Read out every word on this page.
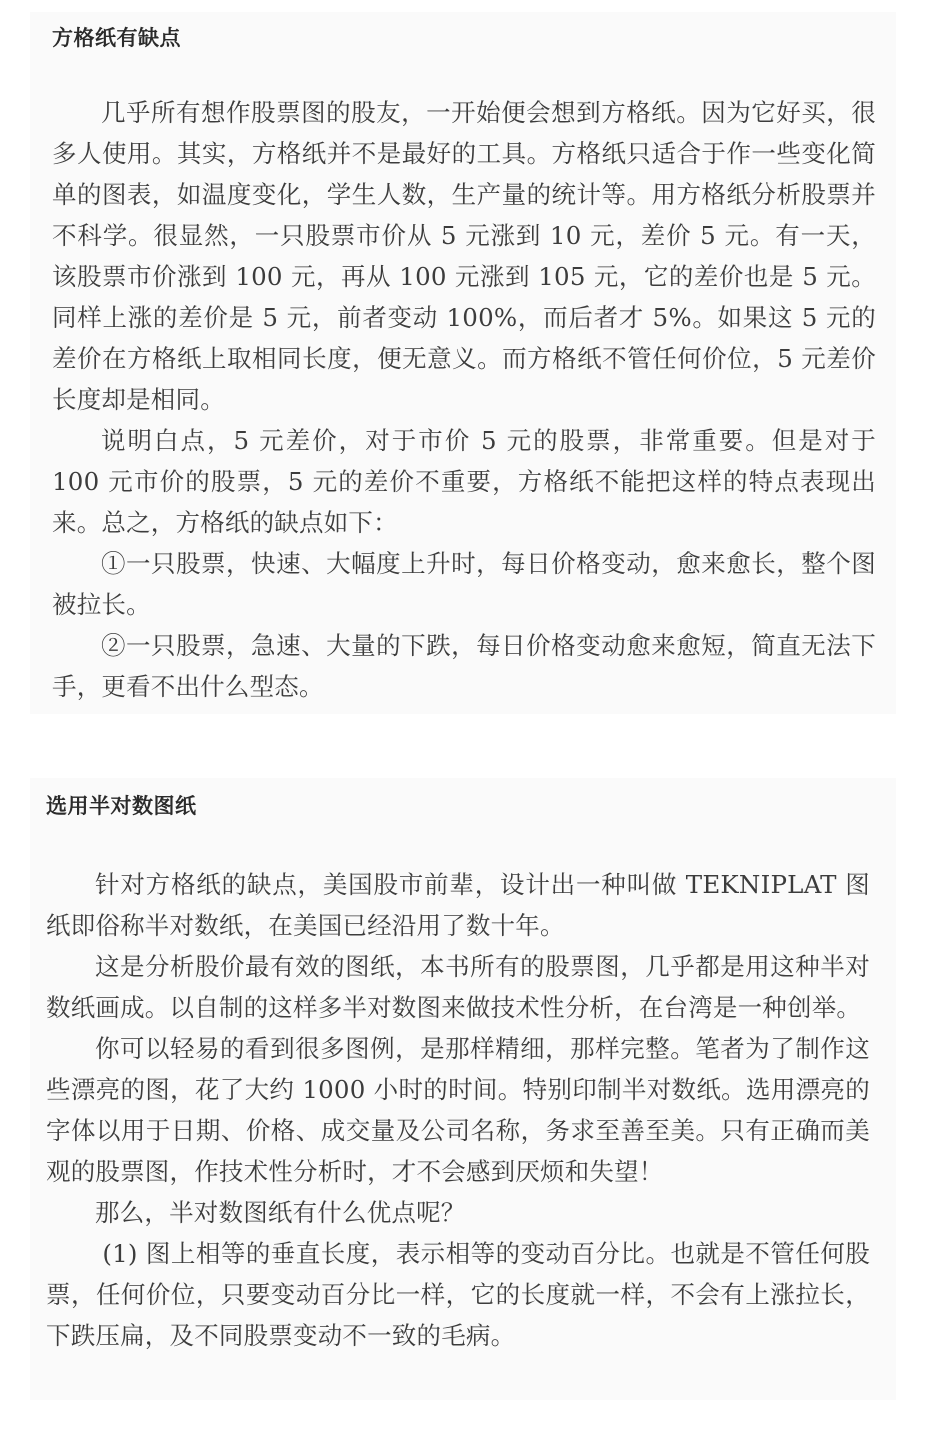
方格纸有缺点

几乎所有想作股票图的股友，一开始便会想到方格纸。因为它好买，很多人使用。其实，方格纸并不是最好的工具。方格纸只适合于作一些变化简单的图表，如温度变化，学生人数，生产量的统计等。用方格纸分析股票并不科学。很显然，一只股票市价从 5 元涨到 10 元，差价 5 元。有一天，该股票市价涨到 100 元，再从 100 元涨到 105 元，它的差价也是 5 元。同样上涨的差价是 5 元，前者变动 100%，而后者才 5%。如果这 5 元的差价在方格纸上取相同长度，便无意义。而方格纸不管任何价位，5 元差价长度却是相同。

说明白点，5 元差价，对于市价 5 元的股票，非常重要。但是对于 100 元市价的股票，5 元的差价不重要，方格纸不能把这样的特点表现出来。总之，方格纸的缺点如下：

①一只股票，快速、大幅度上升时，每日价格变动，愈来愈长，整个图被拉长。

②一只股票，急速、大量的下跌，每日价格变动愈来愈短，简直无法下手，更看不出什么型态。

选用半对数图纸

针对方格纸的缺点，美国股市前辈，设计出一种叫做 TEKNIPLAT 图纸即俗称半对数纸，在美国已经沿用了数十年。

这是分析股价最有效的图纸，本书所有的股票图，几乎都是用这种半对数纸画成。以自制的这样多半对数图来做技术性分析，在台湾是一种创举。

你可以轻易的看到很多图例，是那样精细，那样完整。笔者为了制作这些漂亮的图，花了大约 1000 小时的时间。特别印制半对数纸。选用漂亮的字体以用于日期、价格、成交量及公司名称，务求至善至美。只有正确而美观的股票图，作技术性分析时，才不会感到厌烦和失望！

那么，半对数图纸有什么优点呢？

(1) 图上相等的垂直长度，表示相等的变动百分比。也就是不管任何股票，任何价位，只要变动百分比一样，它的长度就一样，不会有上涨拉长，下跌压扁，及不同股票变动不一致的毛病。
